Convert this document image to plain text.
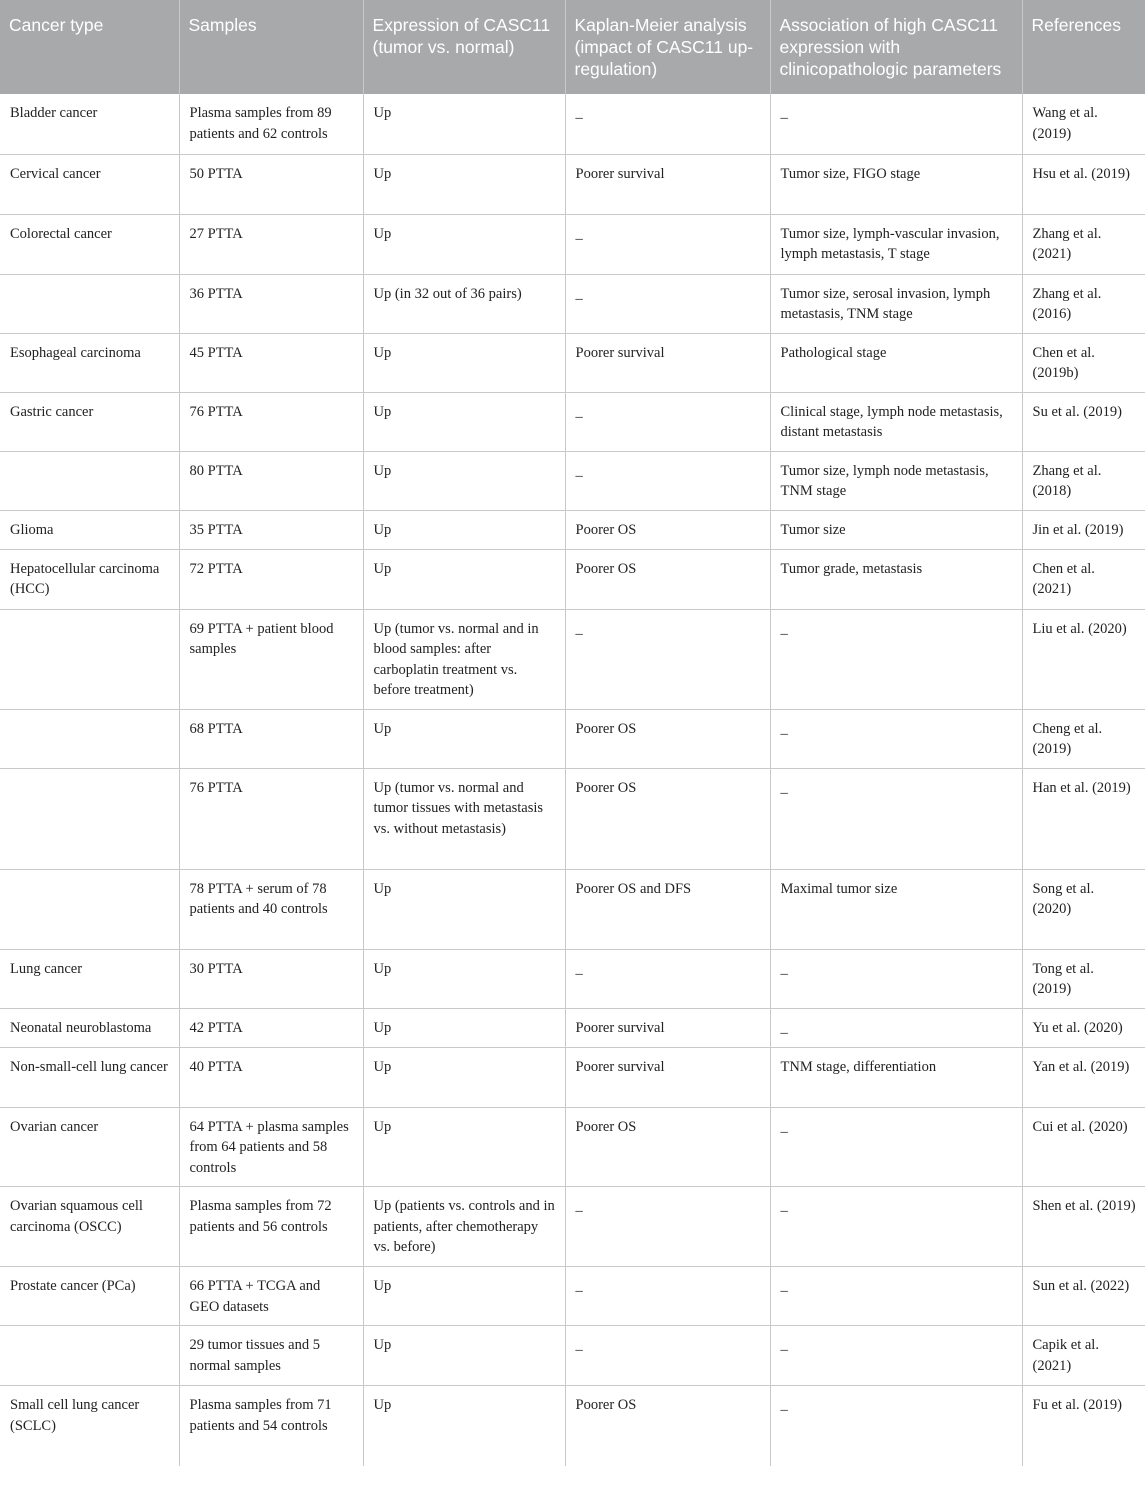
Cancer type	Samples	Expression of CASC11 (tumor vs. normal)	Kaplan-Meier analysis (impact of CASC11 up-regulation)	Association of high CASC11 expression with clinicopathologic parameters	References
Bladder cancer	Plasma samples from 89 patients and 62 controls	Up	_	_	Wang et al. (2019)
Cervical cancer	50 PTTA	Up	Poorer survival	Tumor size, FIGO stage	Hsu et al. (2019)
Colorectal cancer	27 PTTA	Up	_	Tumor size, lymph-vascular invasion, lymph metastasis, T stage	Zhang et al. (2021)
	36 PTTA	Up (in 32 out of 36 pairs)	_	Tumor size, serosal invasion, lymph metastasis, TNM stage	Zhang et al. (2016)
Esophageal carcinoma	45 PTTA	Up	Poorer survival	Pathological stage	Chen et al. (2019b)
Gastric cancer	76 PTTA	Up	_	Clinical stage, lymph node metastasis, distant metastasis	Su et al. (2019)
	80 PTTA	Up	_	Tumor size, lymph node metastasis, TNM stage	Zhang et al. (2018)
Glioma	35 PTTA	Up	Poorer OS	Tumor size	Jin et al. (2019)
Hepatocellular carcinoma (HCC)	72 PTTA	Up	Poorer OS	Tumor grade, metastasis	Chen et al. (2021)
	69 PTTA + patient blood samples	Up (tumor vs. normal and in blood samples: after carboplatin treatment vs. before treatment)	_	_	Liu et al. (2020)
	68 PTTA	Up	Poorer OS	_	Cheng et al. (2019)
	76 PTTA	Up (tumor vs. normal and tumor tissues with metastasis vs. without metastasis)	Poorer OS	_	Han et al. (2019)
	78 PTTA + serum of 78 patients and 40 controls	Up	Poorer OS and DFS	Maximal tumor size	Song et al. (2020)
Lung cancer	30 PTTA	Up	_	_	Tong et al. (2019)
Neonatal neuroblastoma	42 PTTA	Up	Poorer survival	_	Yu et al. (2020)
Non-small-cell lung cancer	40 PTTA	Up	Poorer survival	TNM stage, differentiation	Yan et al. (2019)
Ovarian cancer	64 PTTA + plasma samples from 64 patients and 58 controls	Up	Poorer OS	_	Cui et al. (2020)
Ovarian squamous cell carcinoma (OSCC)	Plasma samples from 72 patients and 56 controls	Up (patients vs. controls and in patients, after chemotherapy vs. before)	_	_	Shen et al. (2019)
Prostate cancer (PCa)	66 PTTA + TCGA and GEO datasets	Up	_	_	Sun et al. (2022)
	29 tumor tissues and 5 normal samples	Up	_	_	Capik et al. (2021)
Small cell lung cancer (SCLC)	Plasma samples from 71 patients and 54 controls	Up	Poorer OS	_	Fu et al. (2019)
